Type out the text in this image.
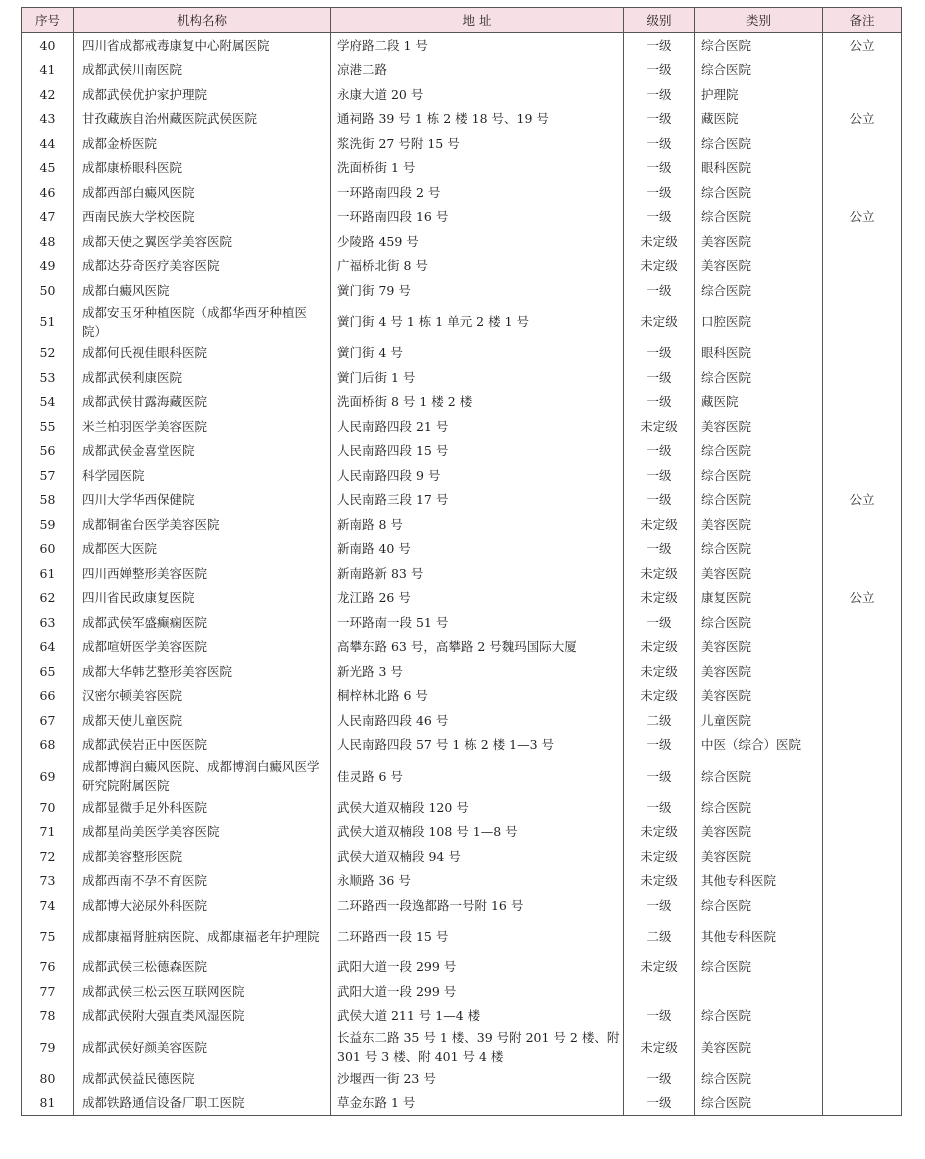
序号	机构名称	地 址	级别	类别	备注
40	四川省成都戒毒康复中心附属医院	学府路二段 1 号	一级	综合医院	公立
41	成都武侯川南医院	凉港二路	一级	综合医院	
42	成都武侯优护家护理院	永康大道 20 号	一级	护理院	
43	甘孜藏族自治州藏医院武侯医院	通祠路 39 号 1 栋 2 楼 18 号、19 号	一级	藏医院	公立
44	成都金桥医院	浆洗街 27 号附 15 号	一级	综合医院	
45	成都康桥眼科医院	洗面桥街 1 号	一级	眼科医院	
46	成都西部白癜风医院	一环路南四段 2 号	一级	综合医院	
47	西南民族大学校医院	一环路南四段 16 号	一级	综合医院	公立
48	成都天使之翼医学美容医院	少陵路 459 号	未定级	美容医院	
49	成都达芬奇医疗美容医院	广福桥北街 8 号	未定级	美容医院	
50	成都白癜风医院	黉门街 79 号	一级	综合医院	
51	成都安玉牙种植医院（成都华西牙种植医院）	黉门街 4 号 1 栋 1 单元 2 楼 1 号	未定级	口腔医院	
52	成都何氏视佳眼科医院	黉门街 4 号	一级	眼科医院	
53	成都武侯利康医院	黉门后街 1 号	一级	综合医院	
54	成都武侯甘露海藏医院	洗面桥街 8 号 1 楼 2 楼	一级	藏医院	
55	米兰柏羽医学美容医院	人民南路四段 21 号	未定级	美容医院	
56	成都武侯金喜堂医院	人民南路四段 15 号	一级	综合医院	
57	科学园医院	人民南路四段 9 号	一级	综合医院	
58	四川大学华西保健院	人民南路三段 17 号	一级	综合医院	公立
59	成都铜雀台医学美容医院	新南路 8 号	未定级	美容医院	
60	成都医大医院	新南路 40 号	一级	综合医院	
61	四川西婵整形美容医院	新南路新 83 号	未定级	美容医院	
62	四川省民政康复医院	龙江路 26 号	未定级	康复医院	公立
63	成都武侯军盛癫痫医院	一环路南一段 51 号	一级	综合医院	
64	成都喧妍医学美容医院	高攀东路 63 号，高攀路 2 号魏玛国际大厦	未定级	美容医院	
65	成都大华韩艺整形美容医院	新光路 3 号	未定级	美容医院	
66	汉密尔顿美容医院	桐梓林北路 6 号	未定级	美容医院	
67	成都天使儿童医院	人民南路四段 46 号	二级	儿童医院	
68	成都武侯岩正中医医院	人民南路四段 57 号 1 栋 2 楼 1—3 号	一级	中医（综合）医院	
69	成都博润白癜风医院、成都博润白癜风医学研究院附属医院	佳灵路 6 号	一级	综合医院	
70	成都显微手足外科医院	武侯大道双楠段 120 号	一级	综合医院	
71	成都星尚美医学美容医院	武侯大道双楠段 108 号 1—8 号	未定级	美容医院	
72	成都美容整形医院	武侯大道双楠段 94 号	未定级	美容医院	
73	成都西南不孕不育医院	永顺路 36 号	未定级	其他专科医院	
74	成都博大泌尿外科医院	二环路西一段逸都路一号附 16 号	一级	综合医院	
75	成都康福肾脏病医院、成都康福老年护理院	二环路西一段 15 号	二级	其他专科医院	
76	成都武侯三松德森医院	武阳大道一段 299 号	未定级	综合医院	
77	成都武侯三松云医互联网医院	武阳大道一段 299 号			
78	成都武侯附大强直类风湿医院	武侯大道 211 号 1—4 楼	一级	综合医院	
79	成都武侯好颜美容医院	长益东二路 35 号 1 楼、39 号附 201 号 2 楼、附 301 号 3 楼、附 401 号 4 楼	未定级	美容医院	
80	成都武侯益民德医院	沙堰西一街 23 号	一级	综合医院	
81	成都铁路通信设备厂职工医院	草金东路 1 号	一级	综合医院	
